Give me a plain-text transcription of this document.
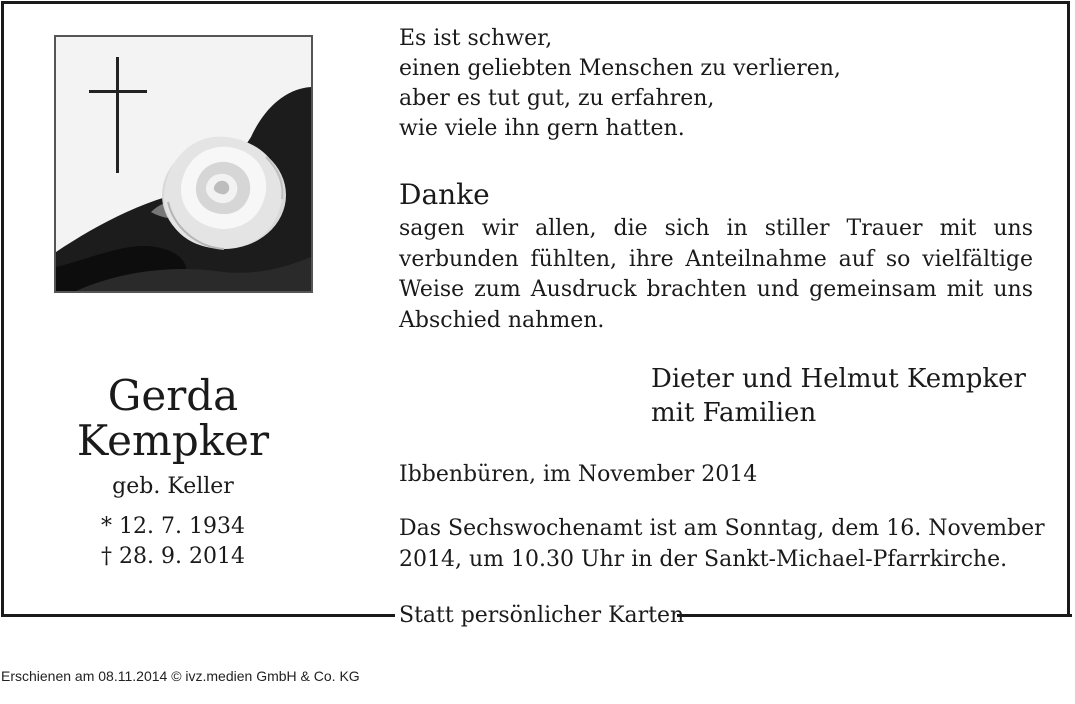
Statt persönlicher Karten
Es ist schwer,
einen geliebten Menschen zu verlieren,
aber es tut gut, zu erfahren,
wie viele ihn gern hatten.
Danke
sagen wir allen, die sich in stiller Trauer mit uns
verbunden fühlten, ihre Anteilnahme auf so vielfältige
Weise zum Ausdruck brachten und gemeinsam mit uns
Abschied nahmen.
Dieter und Helmut Kempker
mit Familien
Ibbenbüren, im November 2014
Das Sechswochenamt ist am Sonntag, dem 16. November
2014, um 10.30 Uhr in der Sankt-Michael-Pfarrkirche.
Gerda
Kempker
geb. Keller
* 12. 7. 1934
† 28. 9. 2014
Erschienen am 08.11.2014 © ivz.medien GmbH & Co. KG
